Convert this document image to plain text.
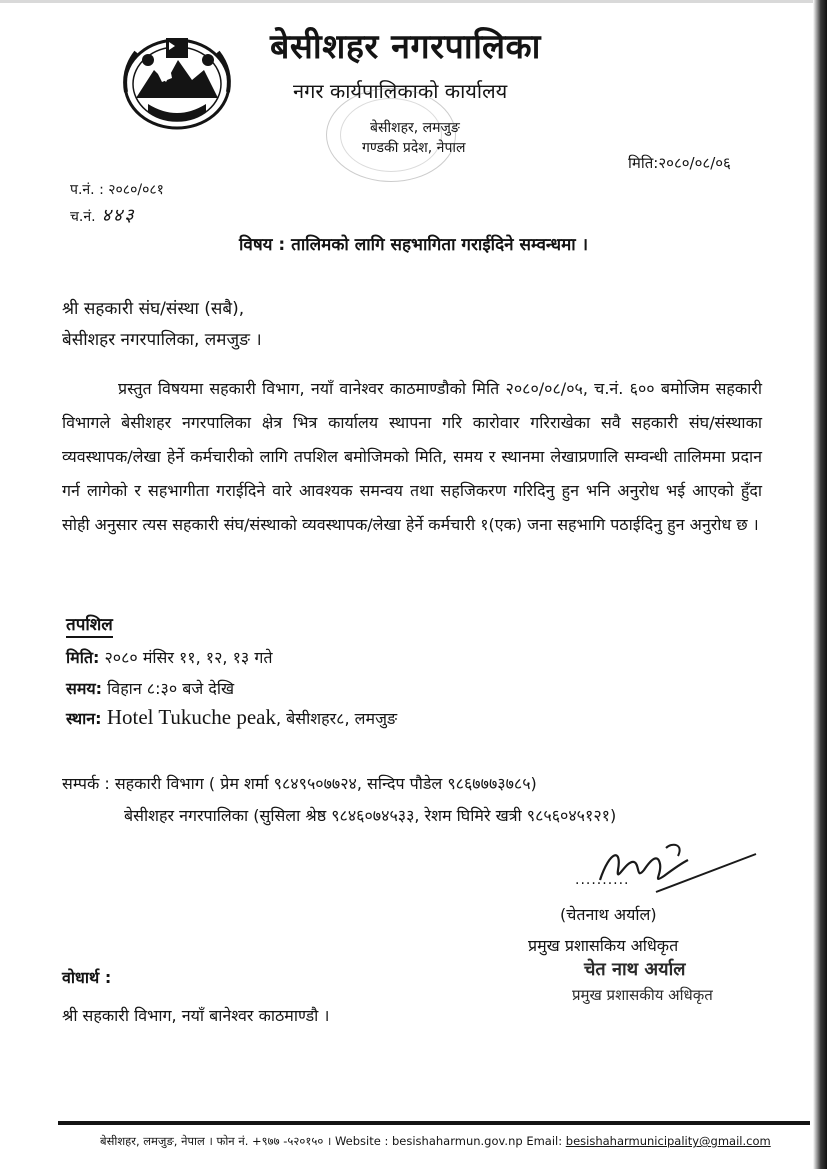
बेसीशहर नगरपालिका
नगर कार्यपालिकाको कार्यालय
बेसीशहर, लमजुङ
गण्डकी प्रदेश, नेपाल
मिति:२०८०/०८/०६
प.नं. : २०८०/०८१
च.नं. ४४३
विषय : तालिमको लागि सहभागिता गराईदिने सम्वन्धमा ।
श्री सहकारी संघ/संस्था (सबै),
बेसीशहर नगरपालिका, लमजुङ ।
प्रस्तुत विषयमा सहकारी विभाग, नयाँ वानेश्वर काठमाण्डौको मिति २०८०/०८/०५, च.नं. ६०० बमोजिम सहकारी विभागले बेसीशहर नगरपालिका क्षेत्र भित्र कार्यालय स्थापना गरि कारोवार गरिराखेका सवै सहकारी संघ/संस्थाका व्यवस्थापक/लेखा हेर्ने कर्मचारीको लागि तपशिल बमोजिमको मिति, समय र स्थानमा लेखाप्रणालि सम्वन्धी तालिममा प्रदान गर्न लागेको र सहभागीता गराईदिने वारे आवश्यक समन्वय तथा सहजिकरण गरिदिनु हुन भनि अनुरोध भई आएको हुँदा सोही अनुसार त्यस सहकारी संघ/संस्थाको व्यवस्थापक/लेखा हेर्ने कर्मचारी १(एक) जना सहभागि पठाईदिनु हुन अनुरोध छ ।
तपशिल
मिति: २०८० मंसिर ११, १२, १३ गते
समय: विहान ८:३० बजे देखि
स्थान: Hotel Tukuche peak, बेसीशहर८, लमजुङ
सम्पर्क : सहकारी विभाग ( प्रेम शर्मा ९८४९५०७७२४, सन्दिप पौडेल ९८६७७७३७८५)
बेसीशहर नगरपालिका (सुसिला श्रेष्ठ ९८४६०७४५३३, रेशम घिमिरे खत्री ९८५६०४५१२१)
..........
(चेतनाथ अर्याल)
प्रमुख प्रशासकिय अधिकृत
चेत नाथ अर्याल
प्रमुख प्रशासकीय अधिकृत
वोधार्थ :
श्री सहकारी विभाग, नयाँ बानेश्वर काठमाण्डौ ।
बेसीशहर, लमजुङ, नेपाल । फोन नं. +९७७ -५२०१५० । Website : besishaharmun.gov.np Email: besishaharmunicipality@gmail.com
